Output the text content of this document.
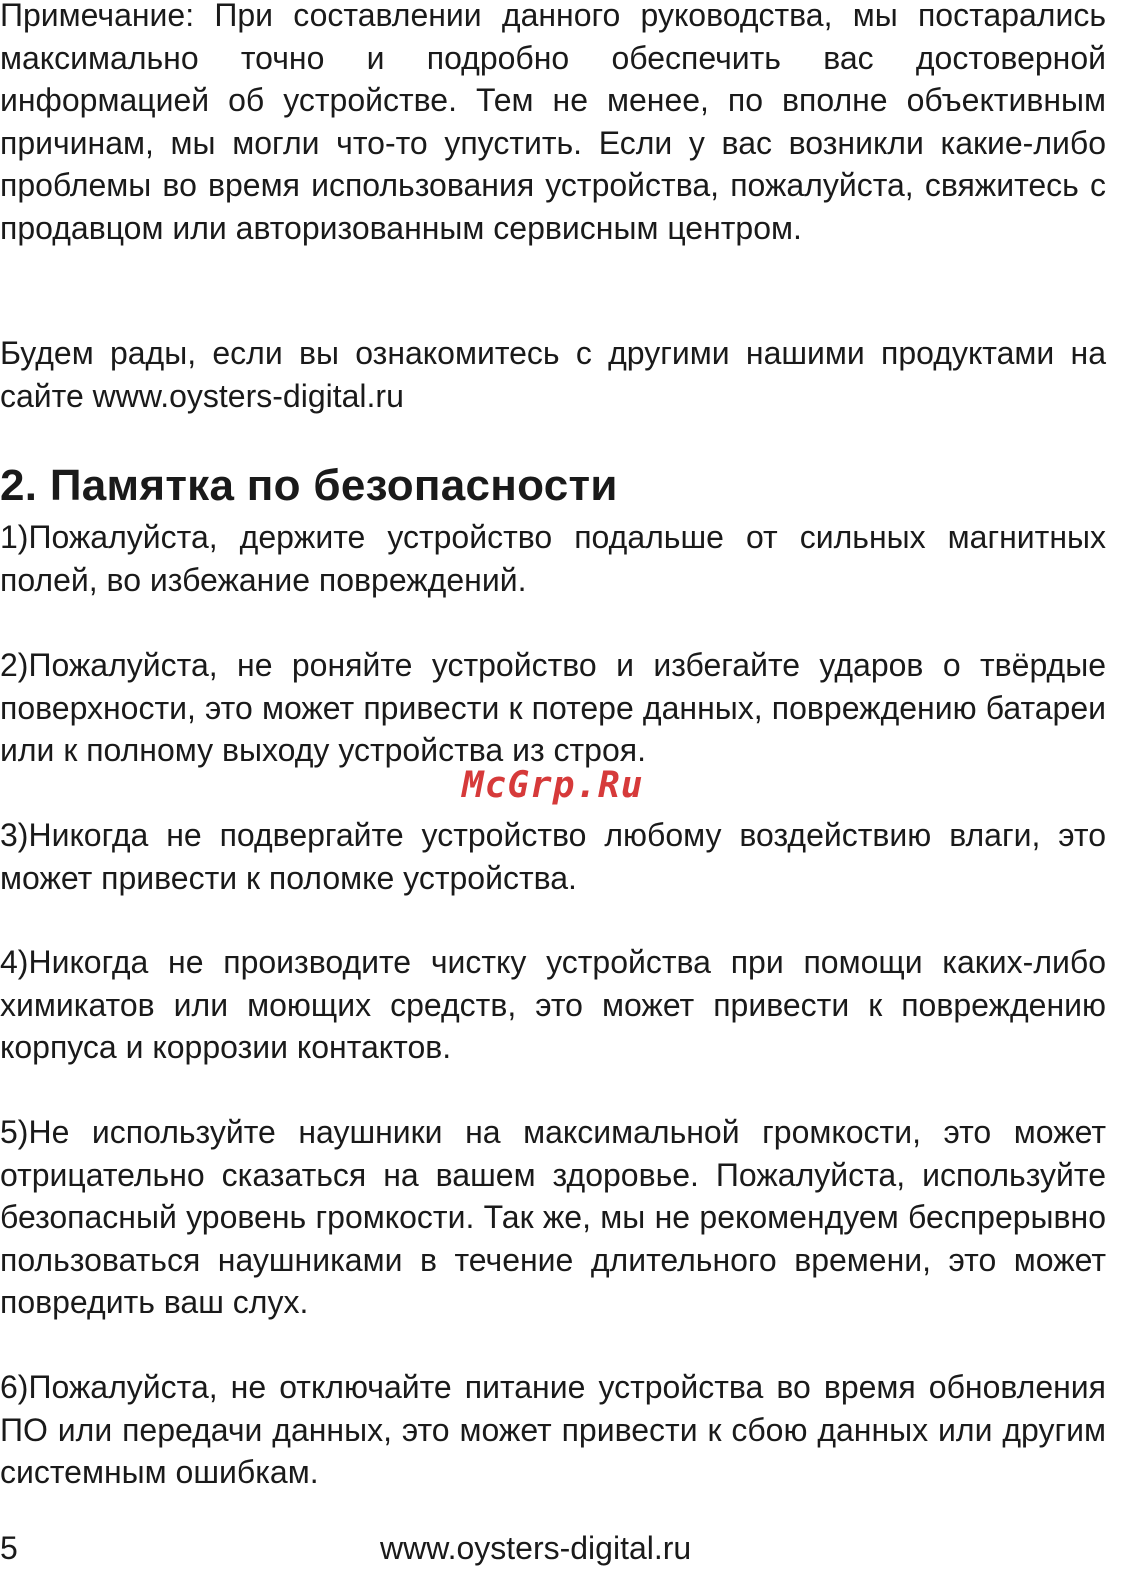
Примечание: При составлении данного руководства, мы постарались максимально точно и подробно обеспечить вас достоверной информацией об устройстве. Тем не менее, по вполне объективным причинам, мы могли что-то упустить. Если у вас возникли какие-либо проблемы во время использования устройства, пожалуйста, свяжитесь с продавцом или авторизованным сервисным центром.

Будем рады, если вы ознакомитесь с другими нашими продуктами на сайте www.oysters-digital.ru

2. Памятка по безопасности

1)Пожалуйста, держите устройство подальше от сильных магнитных полей, во избежание повреждений.

2)Пожалуйста, не роняйте устройство и избегайте ударов о твёрдые поверхности, это может привести к потере данных, повреждению батареи или к полному выходу устройства из строя.

3)Никогда не подвергайте устройство любому воздействию влаги, это может привести к поломке устройства.

4)Никогда не производите чистку устройства при помощи каких-либо химикатов или моющих средств, это может привести к повреждению корпуса и коррозии контактов.

5)Не используйте наушники на максимальной громкости, это может отрицательно сказаться на вашем здоровье. Пожалуйста, используйте безопасный уровень громкости. Так же, мы не рекомендуем беспрерывно пользоваться наушниками в течение длительного времени, это может повредить ваш слух.

6)Пожалуйста, не отключайте питание устройства во время обновления ПО или передачи данных, это может привести к сбою данных или другим системным ошибкам.

McGrp.Ru
5	www.oysters-digital.ru
